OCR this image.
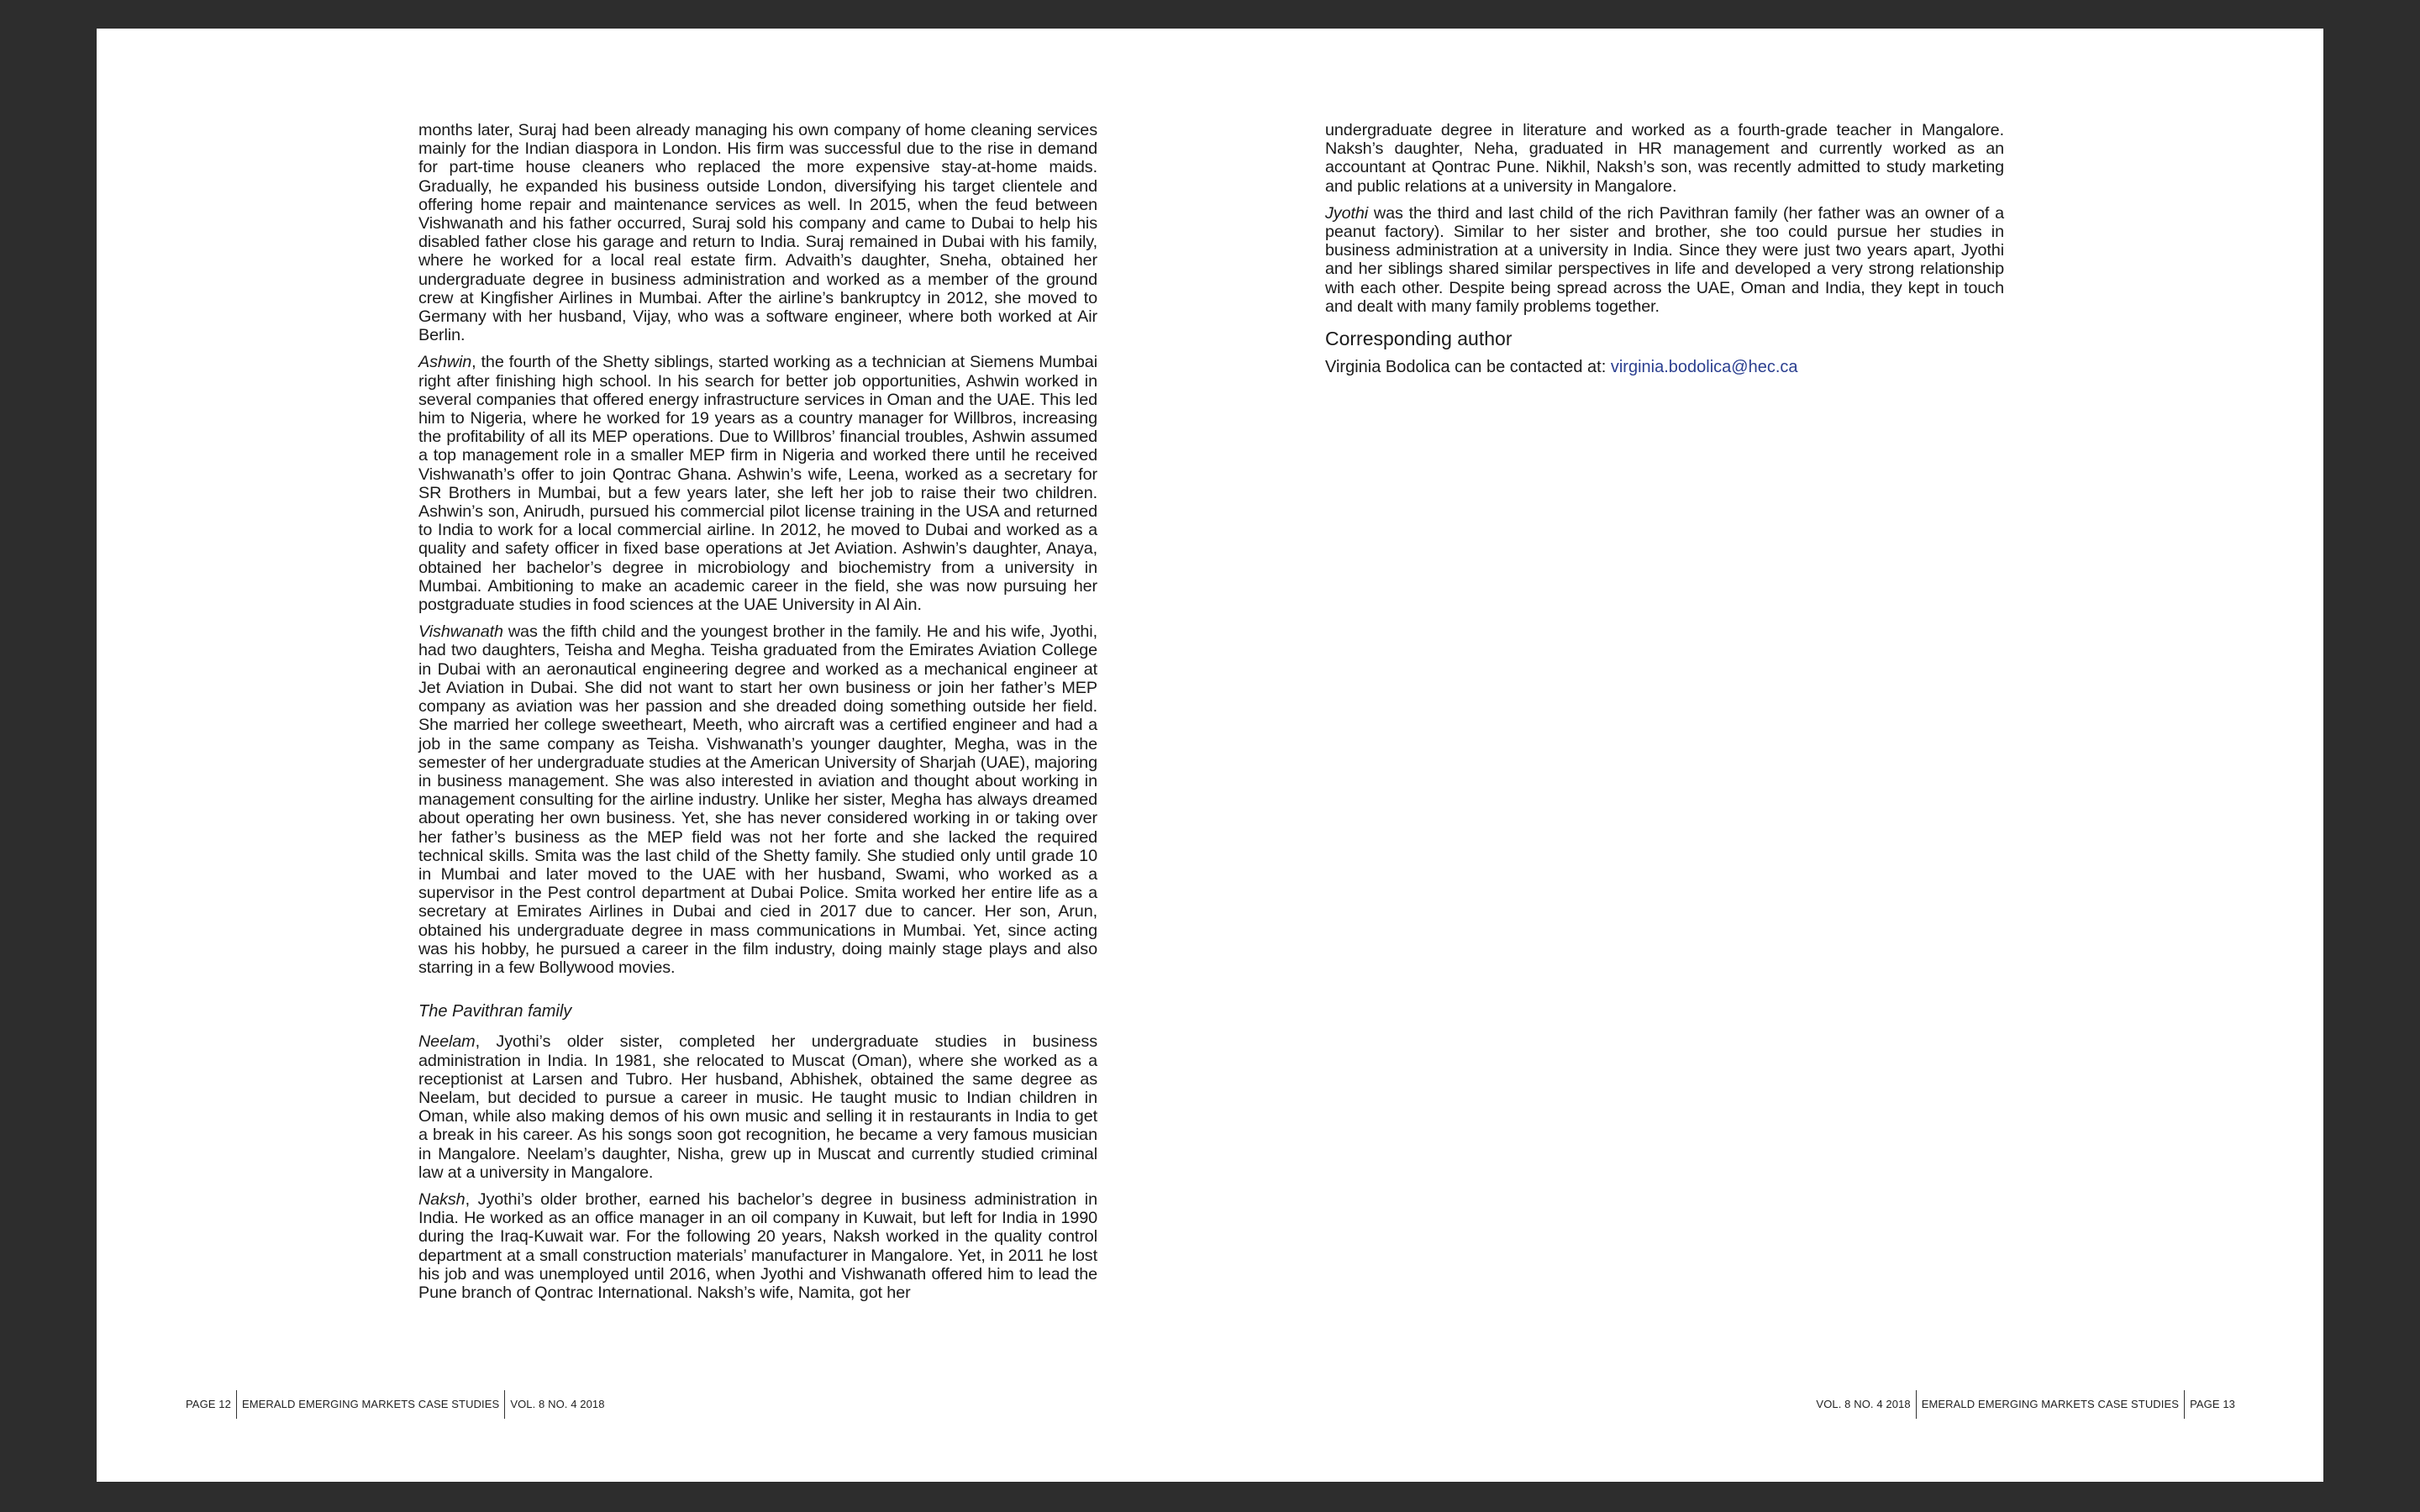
months later, Suraj had been already managing his own company of home cleaning services mainly for the Indian diaspora in London. His firm was successful due to the rise in demand for part-time house cleaners who replaced the more expensive stay-at-home maids. Gradually, he expanded his business outside London, diversifying his target clientele and offering home repair and maintenance services as well. In 2015, when the feud between Vishwanath and his father occurred, Suraj sold his company and came to Dubai to help his disabled father close his garage and return to India. Suraj remained in Dubai with his family, where he worked for a local real estate firm. Advaith’s daughter, Sneha, obtained her undergraduate degree in business administration and worked as a member of the ground crew at Kingfisher Airlines in Mumbai. After the airline’s bankruptcy in 2012, she moved to Germany with her husband, Vijay, who was a software engineer, where both worked at Air Berlin.

Ashwin, the fourth of the Shetty siblings, started working as a technician at Siemens Mumbai right after finishing high school. In his search for better job opportunities, Ashwin worked in several companies that offered energy infrastructure services in Oman and the UAE. This led him to Nigeria, where he worked for 19 years as a country manager for Willbros, increasing the profitability of all its MEP operations. Due to Willbros’ financial troubles, Ashwin assumed a top management role in a smaller MEP firm in Nigeria and worked there until he received Vishwanath’s offer to join Qontrac Ghana. Ashwin’s wife, Leena, worked as a secretary for SR Brothers in Mumbai, but a few years later, she left her job to raise their two children. Ashwin’s son, Anirudh, pursued his commercial pilot license training in the USA and returned to India to work for a local commercial airline. In 2012, he moved to Dubai and worked as a quality and safety officer in fixed base operations at Jet Aviation. Ashwin’s daughter, Anaya, obtained her bachelor’s degree in microbiology and biochemistry from a university in Mumbai. Ambitioning to make an academic career in the field, she was now pursuing her postgraduate studies in food sciences at the UAE University in Al Ain.

Vishwanath was the fifth child and the youngest brother in the family. He and his wife, Jyothi, had two daughters, Teisha and Megha. Teisha graduated from the Emirates Aviation College in Dubai with an aeronautical engineering degree and worked as a mechanical engineer at Jet Aviation in Dubai. She did not want to start her own business or join her father’s MEP company as aviation was her passion and she dreaded doing something outside her field. She married her college sweetheart, Meeth, who aircraft was a certified engineer and had a job in the same company as Teisha. Vishwanath’s younger daughter, Megha, was in the semester of her undergraduate studies at the American University of Sharjah (UAE), majoring in business management. She was also interested in aviation and thought about working in management consulting for the airline industry. Unlike her sister, Megha has always dreamed about operating her own business. Yet, she has never considered working in or taking over her father’s business as the MEP field was not her forte and she lacked the required technical skills. Smita was the last child of the Shetty family. She studied only until grade 10 in Mumbai and later moved to the UAE with her husband, Swami, who worked as a supervisor in the Pest control department at Dubai Police. Smita worked her entire life as a secretary at Emirates Airlines in Dubai and cied in 2017 due to cancer. Her son, Arun, obtained his undergraduate degree in mass communications in Mumbai. Yet, since acting was his hobby, he pursued a career in the film industry, doing mainly stage plays and also starring in a few Bollywood movies.

The Pavithran family

Neelam, Jyothi’s older sister, completed her undergraduate studies in business administration in India. In 1981, she relocated to Muscat (Oman), where she worked as a receptionist at Larsen and Tubro. Her husband, Abhishek, obtained the same degree as Neelam, but decided to pursue a career in music. He taught music to Indian children in Oman, while also making demos of his own music and selling it in restaurants in India to get a break in his career. As his songs soon got recognition, he became a very famous musician in Mangalore. Neelam’s daughter, Nisha, grew up in Muscat and currently studied criminal law at a university in Mangalore.

Naksh, Jyothi’s older brother, earned his bachelor’s degree in business administration in India. He worked as an office manager in an oil company in Kuwait, but left for India in 1990 during the Iraq-Kuwait war. For the following 20 years, Naksh worked in the quality control department at a small construction materials’ manufacturer in Mangalore. Yet, in 2011 he lost his job and was unemployed until 2016, when Jyothi and Vishwanath offered him to lead the Pune branch of Qontrac International. Naksh’s wife, Namita, got her

undergraduate degree in literature and worked as a fourth-grade teacher in Mangalore. Naksh’s daughter, Neha, graduated in HR management and currently worked as an accountant at Qontrac Pune. Nikhil, Naksh’s son, was recently admitted to study marketing and public relations at a university in Mangalore.

Jyothi was the third and last child of the rich Pavithran family (her father was an owner of a peanut factory). Similar to her sister and brother, she too could pursue her studies in business administration at a university in India. Since they were just two years apart, Jyothi and her siblings shared similar perspectives in life and developed a very strong relationship with each other. Despite being spread across the UAE, Oman and India, they kept in touch and dealt with many family problems together.

Corresponding author
Virginia Bodolica can be contacted at: virginia.bodolica@hec.ca
PAGE 12 EMERALD EMERGING MARKETS CASE STUDIES VOL. 8 NO. 4 2018	VOL. 8 NO. 4 2018 EMERALD EMERGING MARKETS CASE STUDIES PAGE 13
